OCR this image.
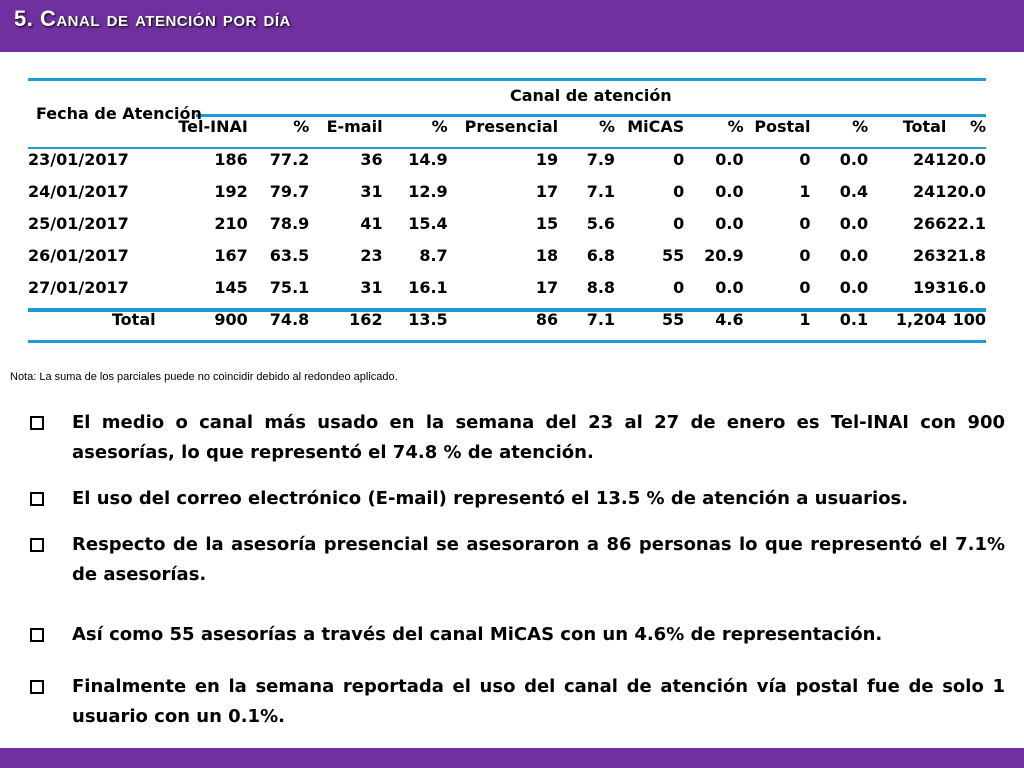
5. Canal de atención por día
Fecha de Atención
Canal de atención

	Tel-INAI	%	E-mail	%	Presencial	%	MiCAS	%	Postal	%	Total	%
23/01/2017	186	77.2	36	14.9	19	7.9	0	0.0	0	0.0	241	20.0
24/01/2017	192	79.7	31	12.9	17	7.1	0	0.0	1	0.4	241	20.0
25/01/2017	210	78.9	41	15.4	15	5.6	0	0.0	0	0.0	266	22.1
26/01/2017	167	63.5	23	8.7	18	6.8	55	20.9	0	0.0	263	21.8
27/01/2017	145	75.1	31	16.1	17	8.8	0	0.0	0	0.0	193	16.0
Total	900	74.8	162	13.5	86	7.1	55	4.6	1	0.1	1,204	100
Nota: La suma de los parciales puede no coincidir debido al redondeo aplicado.
El medio o canal más usado en la semana del 23 al 27 de enero es Tel-INAI con 900 asesorías, lo que representó el 74.8 % de atención.
El uso del correo electrónico (E-mail) representó el 13.5 % de atención a usuarios.
Respecto de la asesoría presencial se asesoraron a 86 personas lo que representó el 7.1% de asesorías.
Así como 55 asesorías a través del canal MiCAS con un 4.6% de representación.
Finalmente en la semana reportada el uso del canal de atención vía postal fue de solo 1 usuario con un 0.1%.
